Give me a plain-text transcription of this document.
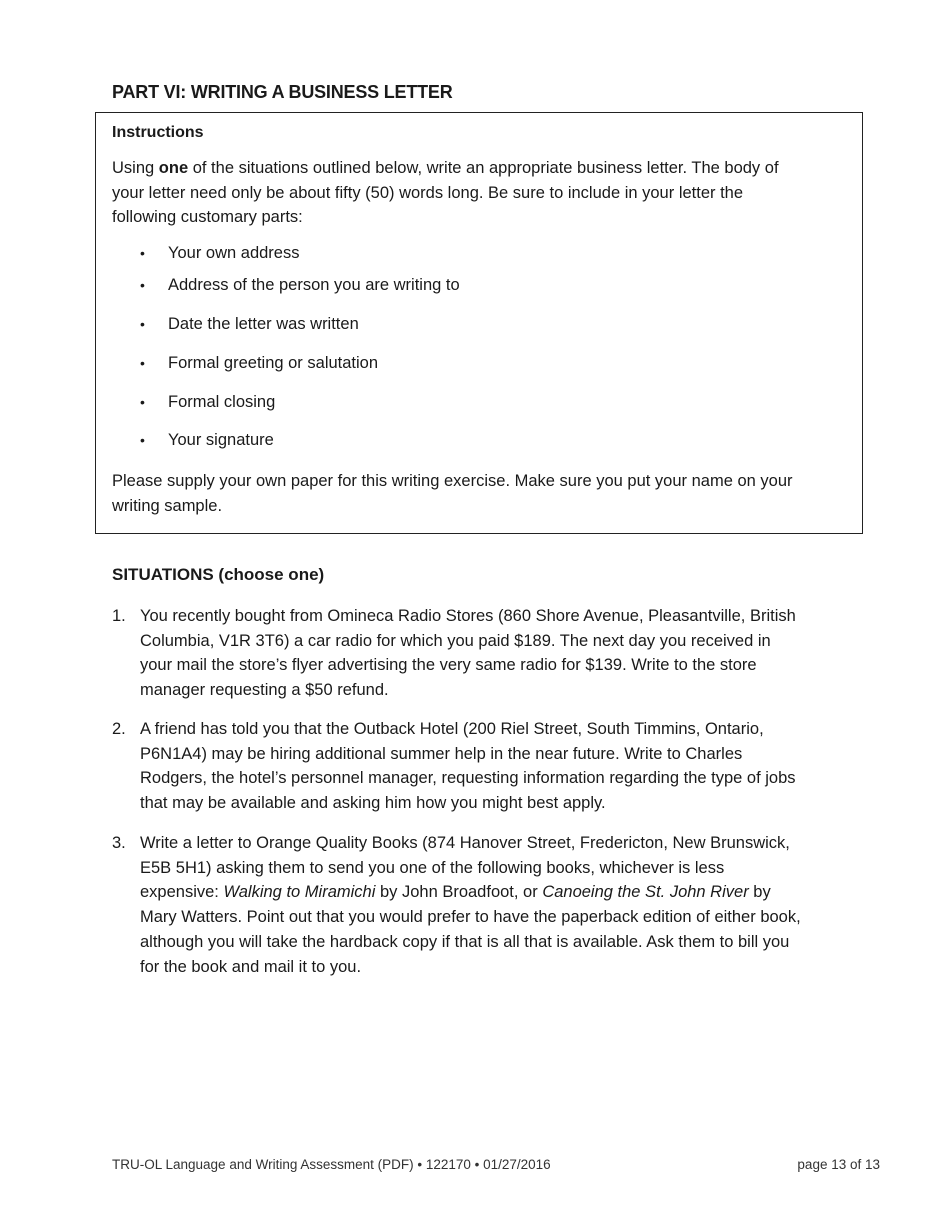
PART VI: WRITING A BUSINESS LETTER
Instructions

Using one of the situations outlined below, write an appropriate business letter. The body of your letter need only be about fifty (50) words long. Be sure to include in your letter the following customary parts:

•	Your own address
•	Address of the person you are writing to
•	Date the letter was written
•	Formal greeting or salutation
•	Formal closing
•	Your signature

Please supply your own paper for this writing exercise. Make sure you put your name on your writing sample.

SITUATIONS (choose one)
1. You recently bought from Omineca Radio Stores (860 Shore Avenue, Pleasantville, British Columbia, V1R 3T6) a car radio for which you paid $189. The next day you received in your mail the store’s flyer advertising the very same radio for $139. Write to the store manager requesting a $50 refund.

2. A friend has told you that the Outback Hotel (200 Riel Street, South Timmins, Ontario, P6N1A4) may be hiring additional summer help in the near future. Write to Charles Rodgers, the hotel’s personnel manager, requesting information regarding the type of jobs that may be available and asking him how you might best apply.

3. Write a letter to Orange Quality Books (874 Hanover Street, Fredericton, New Brunswick, E5B 5H1) asking them to send you one of the following books, whichever is less expensive: Walking to Miramichi by John Broadfoot, or Canoeing the St. John River by Mary Watters. Point out that you would prefer to have the paperback edition of either book, although you will take the hardback copy if that is all that is available. Ask them to bill you for the book and mail it to you.

TRU-OL Language and Writing Assessment (PDF) • 122170 • 01/27/2016	page 13 of 13
